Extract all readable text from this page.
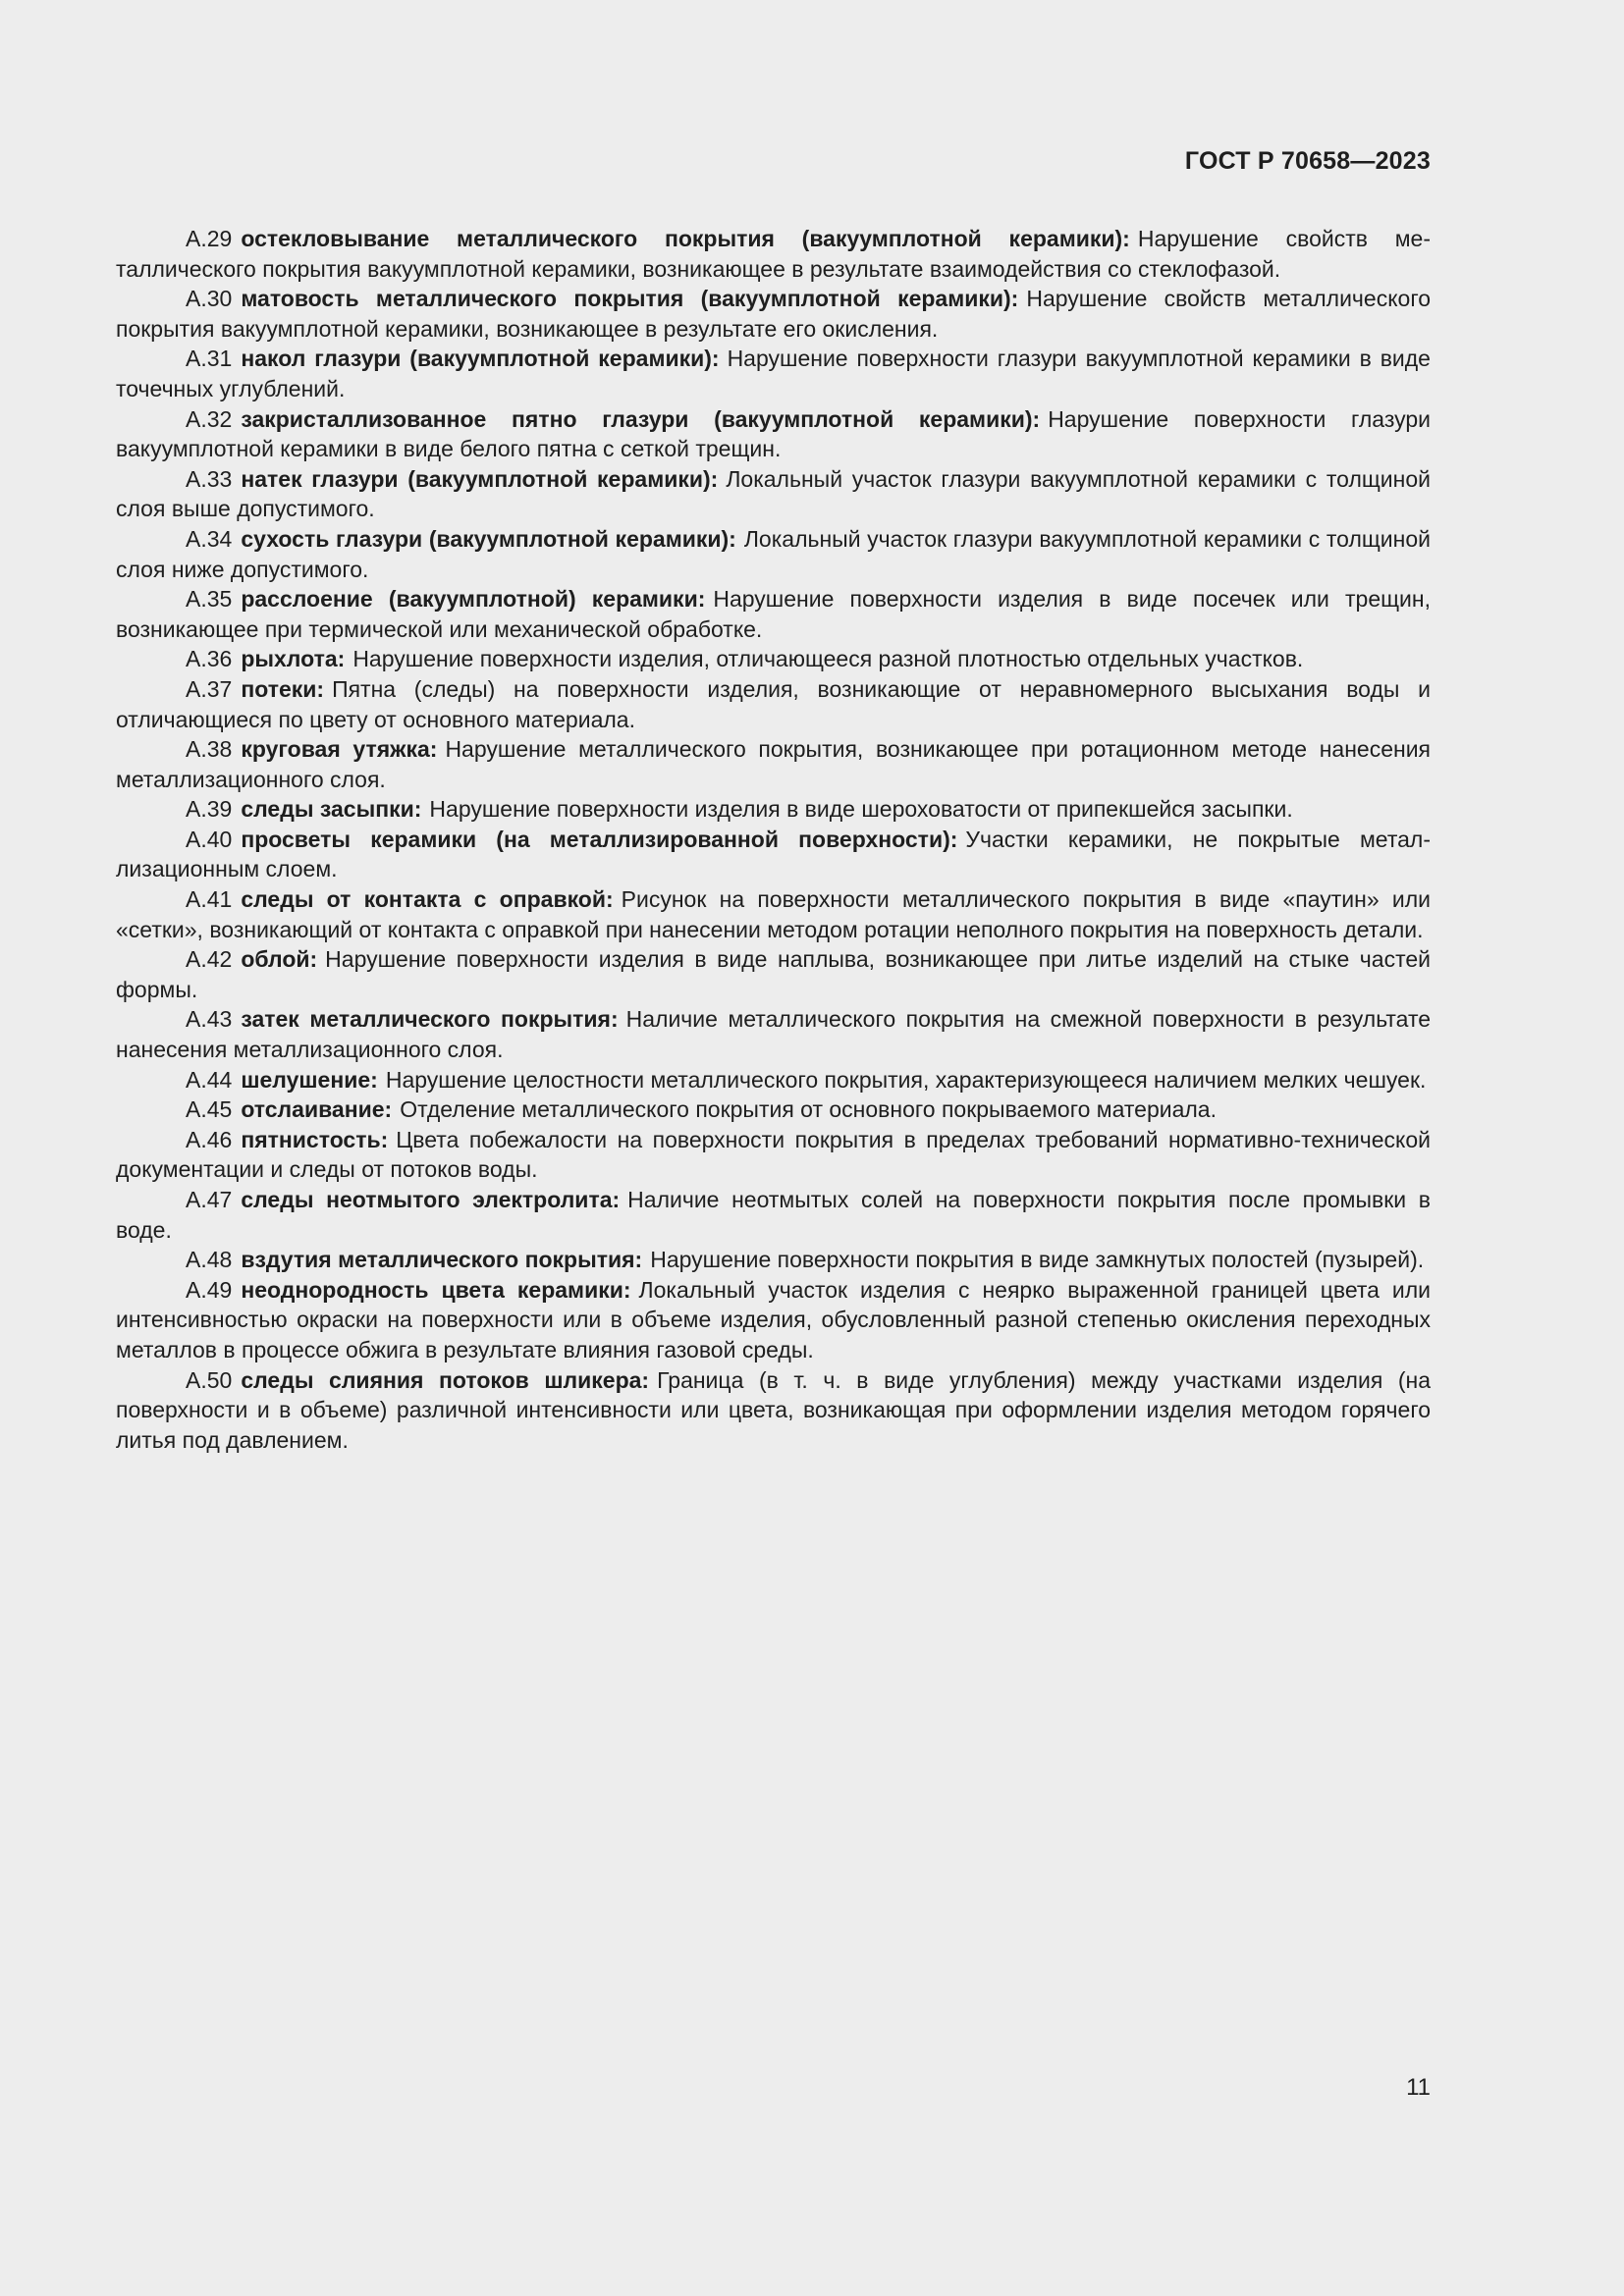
ГОСТ Р 70658—2023

А.29 остекловывание металлического покрытия (вакуумплотной керамики): Нарушение свойств металлического покрытия вакуумплотной керамики, возникающее в результате взаимодействия со стеклофазой.

А.30 матовость металлического покрытия (вакуумплотной керамики): Нарушение свойств металлического покрытия вакуумплотной керамики, возникающее в результате его окисления.

А.31 накол глазури (вакуумплотной керамики): Нарушение поверхности глазури вакуумплотной керамики в виде точечных углублений.

А.32 закристаллизованное пятно глазури (вакуумплотной керамики): Нарушение поверхности глазури вакуумплотной керамики в виде белого пятна с сеткой трещин.

А.33 натек глазури (вакуумплотной керамики): Локальный участок глазури вакуумплотной керамики с толщиной слоя выше допустимого.

А.34 сухость глазури (вакуумплотной керамики): Локальный участок глазури вакуумплотной керамики с толщиной слоя ниже допустимого.

А.35 расслоение (вакуумплотной) керамики: Нарушение поверхности изделия в виде посечек или трещин, возникающее при термической или механической обработке.

А.36 рыхлота: Нарушение поверхности изделия, отличающееся разной плотностью отдельных участков.

А.37 потеки: Пятна (следы) на поверхности изделия, возникающие от неравномерного высыхания воды и отличающиеся по цвету от основного материала.

А.38 круговая утяжка: Нарушение металлического покрытия, возникающее при ротационном методе нанесения металлизационного слоя.

А.39 следы засыпки: Нарушение поверхности изделия в виде шероховатости от припекшейся засыпки.

А.40 просветы керамики (на металлизированной поверхности): Участки керамики, не покрытые металлизационным слоем.

А.41 следы от контакта с оправкой: Рисунок на поверхности металлического покрытия в виде «паутин» или «сетки», возникающий от контакта с оправкой при нанесении методом ротации неполного покрытия на поверхность детали.

А.42 облой: Нарушение поверхности изделия в виде наплыва, возникающее при литье изделий на стыке частей формы.

А.43 затек металлического покрытия: Наличие металлического покрытия на смежной поверхности в результате нанесения металлизационного слоя.

А.44 шелушение: Нарушение целостности металлического покрытия, характеризующееся наличием мелких чешуек.

А.45 отслаивание: Отделение металлического покрытия от основного покрываемого материала.

А.46 пятнистость: Цвета побежалости на поверхности покрытия в пределах требований нормативно-технической документации и следы от потоков воды.

А.47 следы неотмытого электролита: Наличие неотмытых солей на поверхности покрытия после промывки в воде.

А.48 вздутия металлического покрытия: Нарушение поверхности покрытия в виде замкнутых полостей (пузырей).

А.49 неоднородность цвета керамики: Локальный участок изделия с неярко выраженной границей цвета или интенсивностью окраски на поверхности или в объеме изделия, обусловленный разной степенью окисления переходных металлов в процессе обжига в результате влияния газовой среды.

А.50 следы слияния потоков шликера: Граница (в т. ч. в виде углубления) между участками изделия (на поверхности и в объеме) различной интенсивности или цвета, возникающая при оформлении изделия методом горячего литья под давлением.

11
